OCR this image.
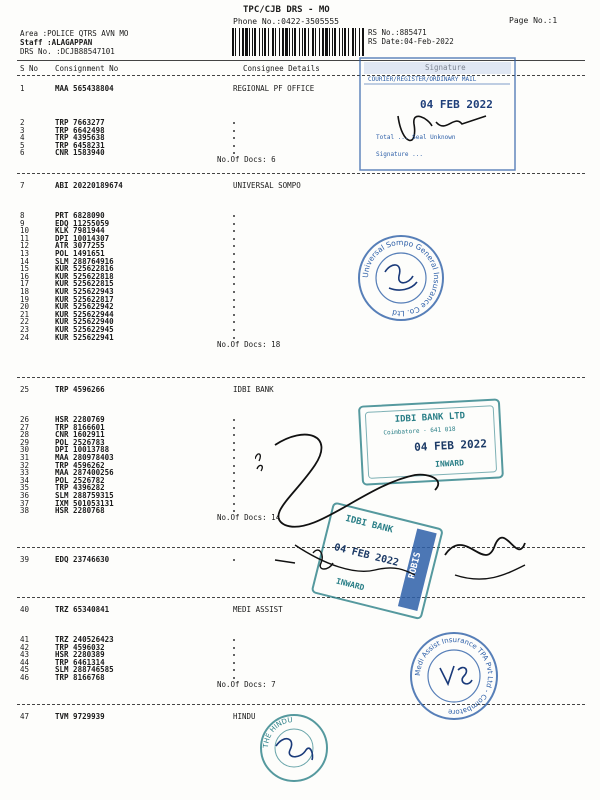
TPC/CJB DRS - MO
Phone No.:0422-3505555	Page No.:1
Area :POLICE QTRS AVN MO
Staff :ALAGAPPAN
DRS No. :DCJB88547101
RS No.:885471
RS Date:04-Feb-2022
S No Consignment No	Consignee Details
1	MAA 565438804	REGIONAL PF OFFICE
2	TRP 7663277
3	TRP 6642498
4	TRP 4395638
5	TRP 6458231
6	CNR 1583940
No.Of Docs: 6
7	ABI 20220189674	UNIVERSAL SOMPO
8	PRT 6828090
9	EDQ 11255059
10	KLK 7981944
11	DPI 10014307
12	ATR 3077255
13	POL 1491651
14	SLM 288764916
15	KUR 525622816
16	KUR 525622818
17	KUR 525622815
18	KUR 525622943
19	KUR 525622817
20	KUR 525622942
21	KUR 525622944
22	KUR 525622940
23	KUR 525622945
24	KUR 525622941
No.Of Docs: 18
25	TRP 4596266	IDBI BANK
26	HSR 2280769
27	TRP 8166601
28	CNR 1602911
29	POL 2526783
30	DPI 10013788
31	MAA 280978403
32	TRP 4596262
33	MAA 287400256
34	POL 2526782
35	TRP 4396282
36	SLM 288759315
37	IXM 501053131
38	HSR 2280768
No.Of Docs: 14
39	EDQ 23746630
40	TRZ 65340841	MEDI ASSIST
41	TRZ 240526423
42	TRP 4596032
43	HSR 2280389
44	TRP 6461314
45	SLM 288746585
46	TRP 8166768
No.Of Docs: 7
47	TVM 9729939	HINDU
COURIER/REGISTER/ORDINARY MAIL
04 FEB 2022
Total ... Seal Unknown
Signature ...
Universal Sompo General Insurance Co. Ltd
IDBI BANK LTD
Coimbatore - 641 018
04 FEB 2022
INWARD
IDBI BANK
04 FEB 2022
INWARD
ROBIS
Medi Assist Insurance TPA Pvt Ltd - Coimbatore
THE HINDU
